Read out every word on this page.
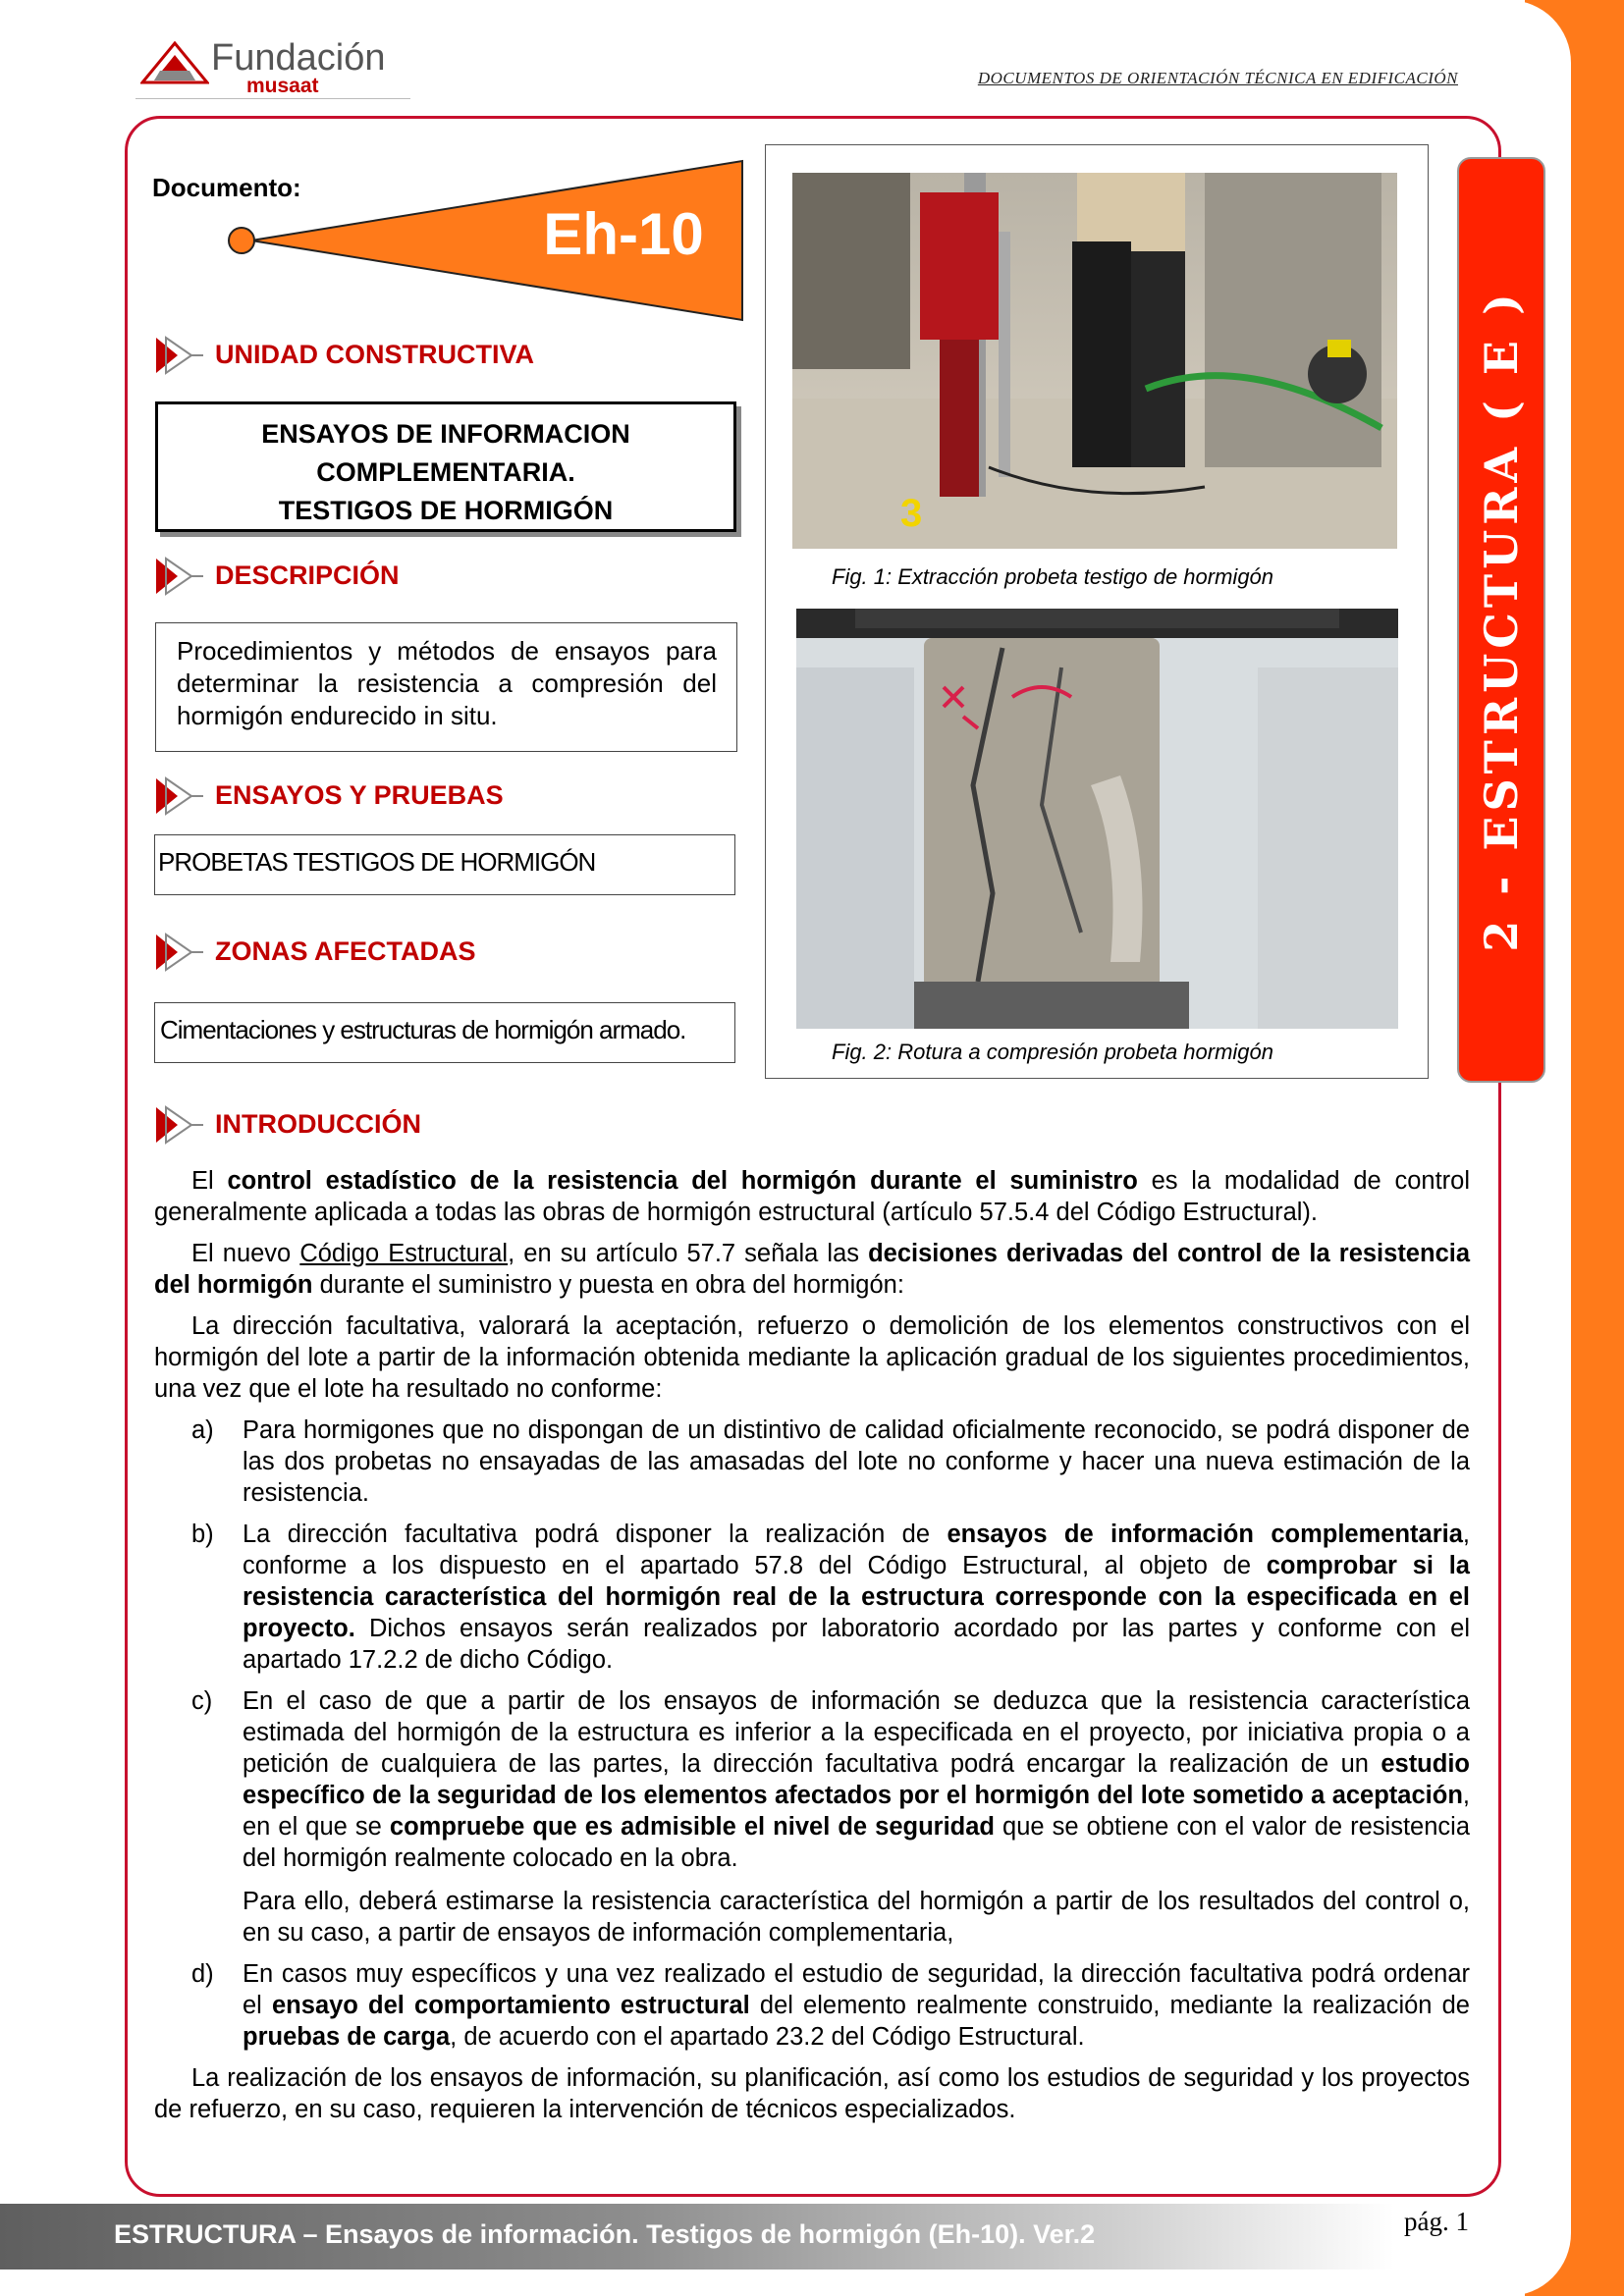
Fundación
musaat	DOCUMENTOS DE ORIENTACIÓN TÉCNICA EN EDIFICACIÓN
2 - ESTRUCTURA ( E )
Documento:
Eh-10
UNIDAD CONSTRUCTIVA
ENSAYOS DE INFORMACION
COMPLEMENTARIA.
TESTIGOS DE HORMIGÓN
DESCRIPCIÓN
Procedimientos y métodos de ensayos para determinar la resistencia a compresión del hormigón endurecido in situ.
ENSAYOS Y PRUEBAS
PROBETAS TESTIGOS DE HORMIGÓN
ZONAS AFECTADAS
Cimentaciones y estructuras de hormigón armado.
3
Fig. 1: Extracción probeta testigo de hormigón
Fig. 2: Rotura a compresión probeta hormigón
INTRODUCCIÓN

El control estadístico de la resistencia del hormigón durante el suministro es la modalidad de control generalmente aplicada a todas las obras de hormigón estructural (artículo 57.5.4 del Código Estructural).

El nuevo Código Estructural, en su artículo 57.7 señala las decisiones derivadas del control de la resistencia del hormigón durante el suministro y puesta en obra del hormigón:

La dirección facultativa, valorará la aceptación, refuerzo o demolición de los elementos constructivos con el hormigón del lote a partir de la información obtenida mediante la aplicación gradual de los siguientes procedimientos, una vez que el lote ha resultado no conforme:

a) Para hormigones que no dispongan de un distintivo de calidad oficialmente reconocido, se podrá disponer de las dos probetas no ensayadas de las amasadas del lote no conforme y hacer una nueva estimación de la resistencia.

b) La dirección facultativa podrá disponer la realización de ensayos de información complementaria, conforme a los dispuesto en el apartado 57.8 del Código Estructural, al objeto de comprobar si la resistencia característica del hormigón real de la estructura corresponde con la especificada en el proyecto. Dichos ensayos serán realizados por laboratorio acordado por las partes y conforme con el apartado 17.2.2 de dicho Código.

c) En el caso de que a partir de los ensayos de información se deduzca que la resistencia característica estimada del hormigón de la estructura es inferior a la especificada en el proyecto, por iniciativa propia o a petición de cualquiera de las partes, la dirección facultativa podrá encargar la realización de un estudio específico de la seguridad de los elementos afectados por el hormigón del lote sometido a aceptación, en el que se compruebe que es admisible el nivel de seguridad que se obtiene con el valor de resistencia del hormigón realmente colocado en la obra.

Para ello, deberá estimarse la resistencia característica del hormigón a partir de los resultados del control o, en su caso, a partir de ensayos de información complementaria,

d) En casos muy específicos y una vez realizado el estudio de seguridad, la dirección facultativa podrá ordenar el ensayo del comportamiento estructural del elemento realmente construido, mediante la realización de pruebas de carga, de acuerdo con el apartado 23.2 del Código Estructural.

La realización de los ensayos de información, su planificación, así como los estudios de seguridad y los proyectos de refuerzo, en su caso, requieren la intervención de técnicos especializados.

ESTRUCTURA – Ensayos de información. Testigos de hormigón (Eh-10). Ver.2	pág. 1
